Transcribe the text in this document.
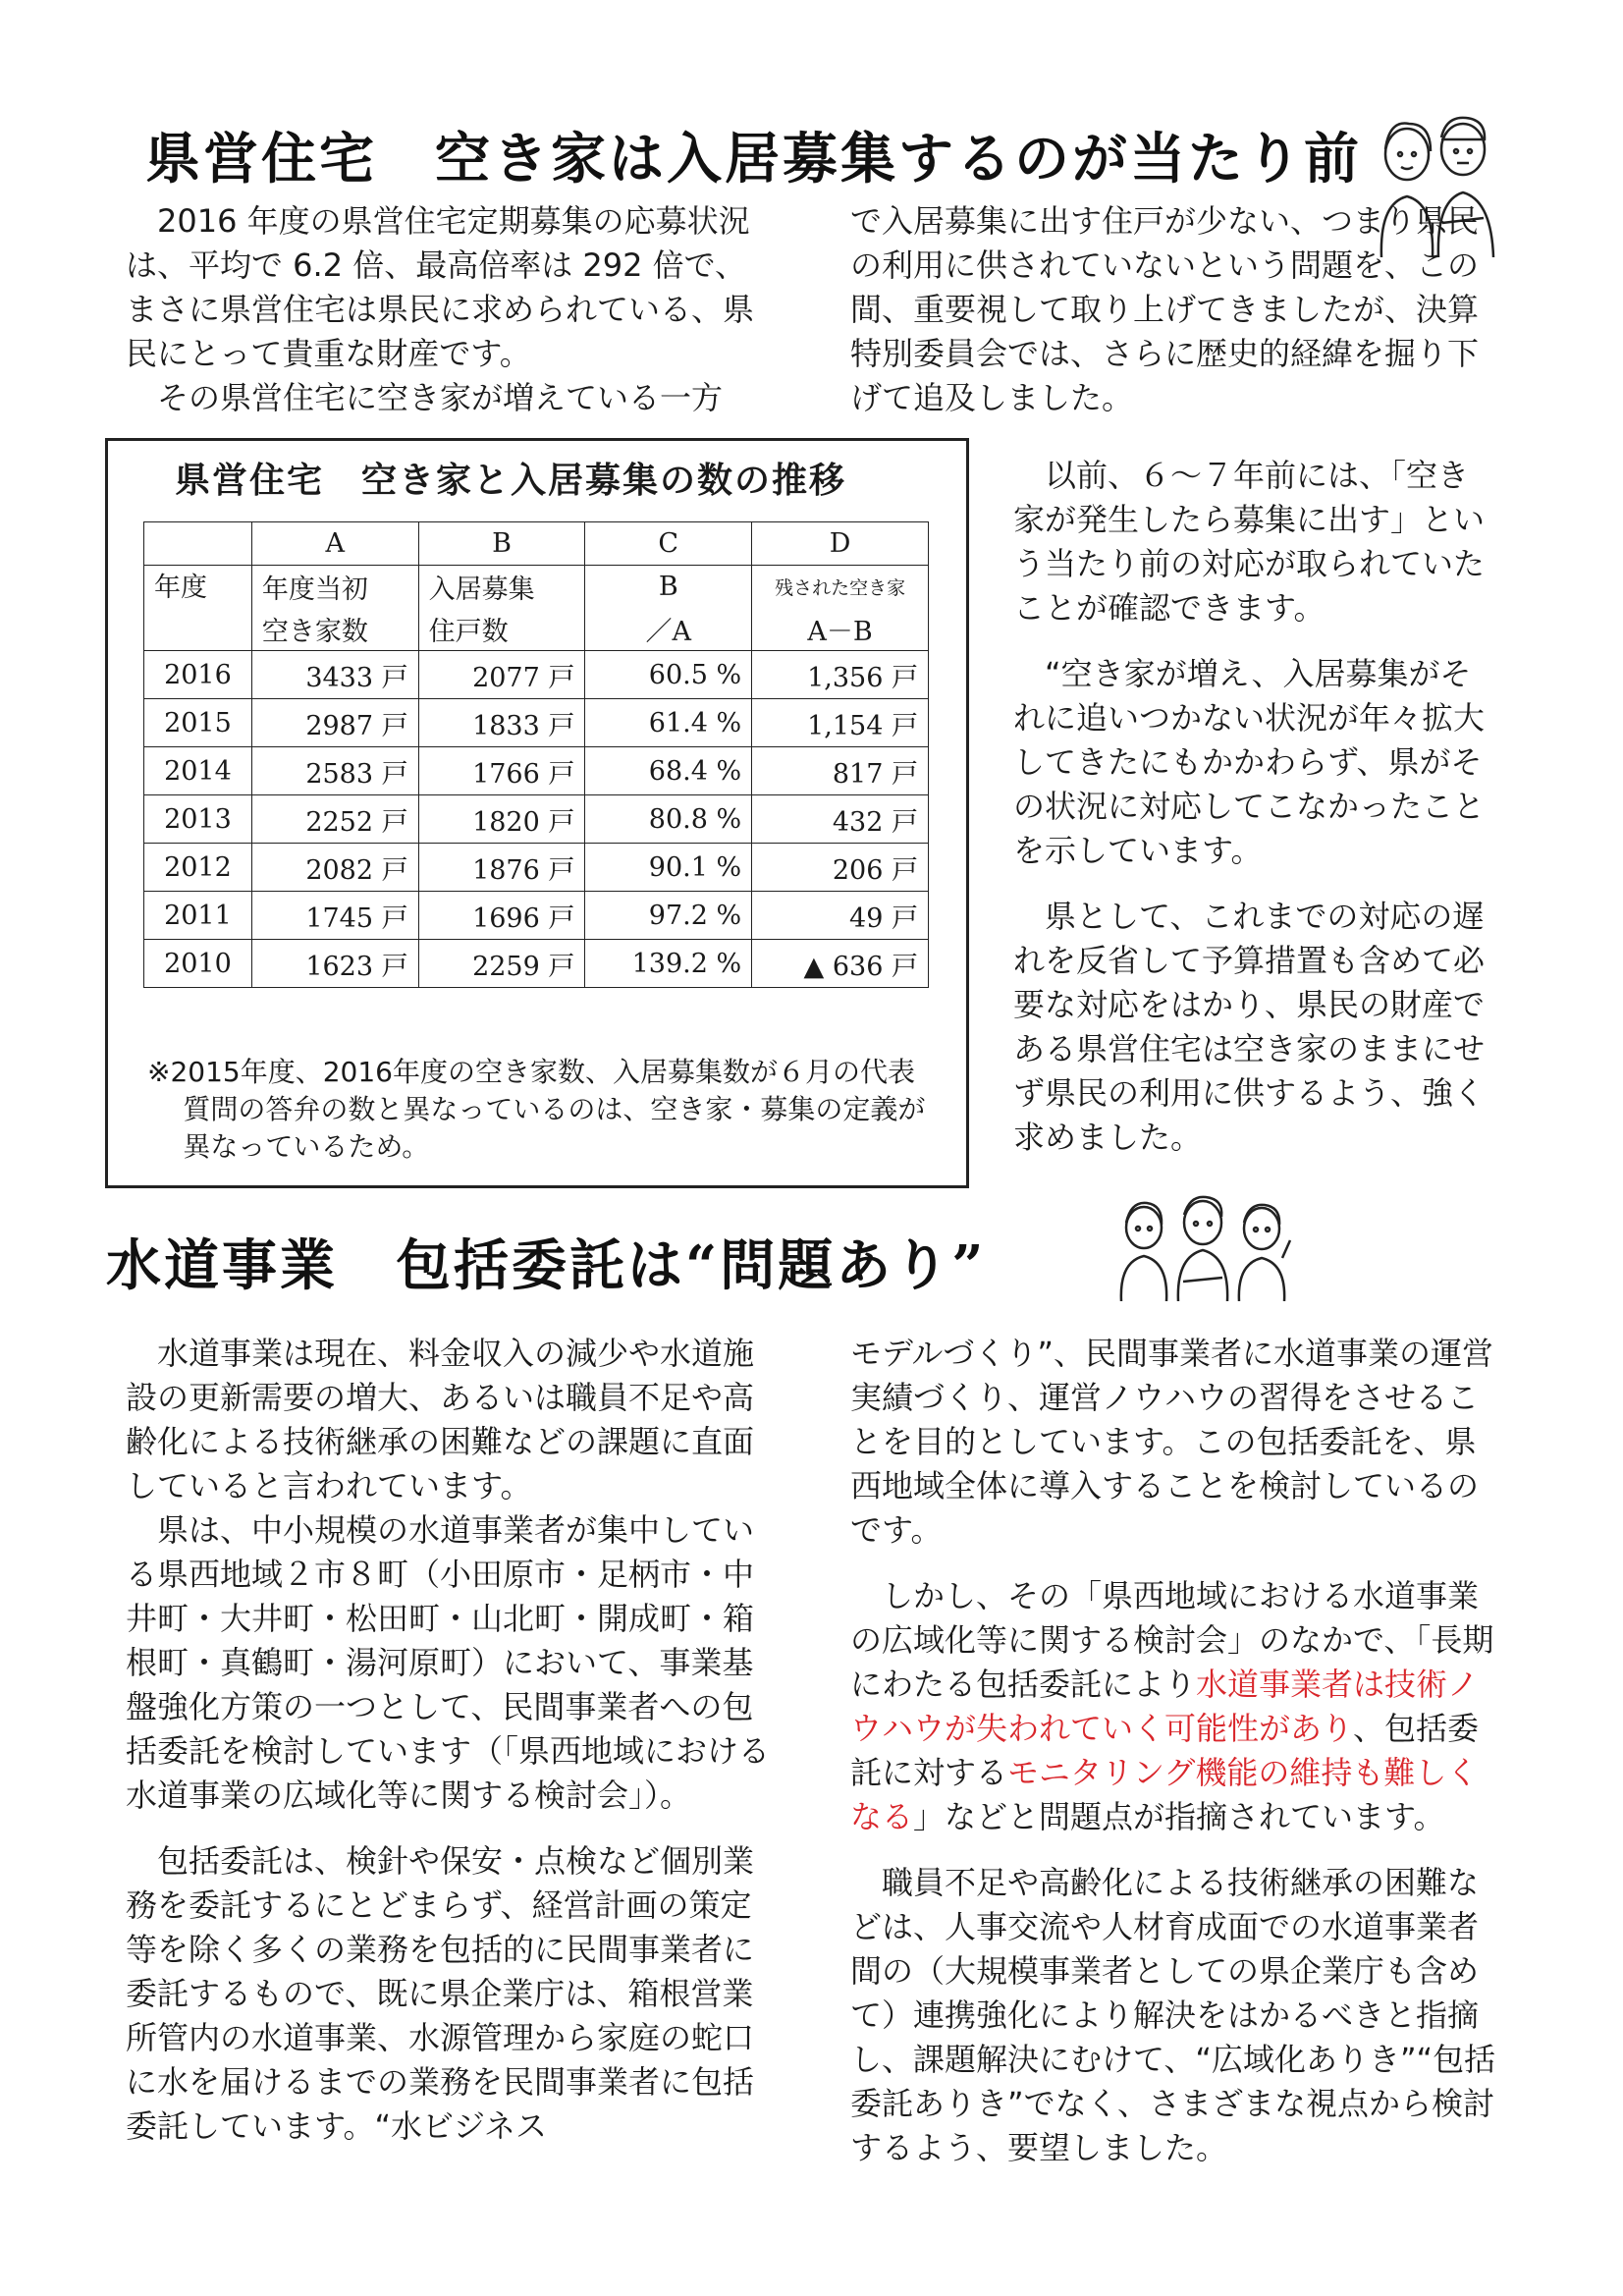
県営住宅　空き家は入居募集するのが当たり前

2016 年度の県営住宅定期募集の応募状況は、平均で 6.2 倍、最高倍率は 292 倍で、まさに県営住宅は県民に求められている、県民にとって貴重な財産です。

その県営住宅に空き家が増えている一方

で入居募集に出す住戸が少ない、つまり県民の利用に供されていないという問題を、この間、重要視して取り上げてきましたが、決算特別委員会では、さらに歴史的経緯を掘り下げて追及しました。

以前、６～７年前には、「空き家が発生したら募集に出す」という当たり前の対応が取られていたことが確認できます。

“空き家が増え、入居募集がそれに追いつかない状況が年々拡大してきたにもかかわらず、県がその状況に対応してこなかったことを示しています。

県として、これまでの対応の遅れを反省して予算措置も含めて必要な対応をはかり、県民の財産である県営住宅は空き家のままにせず県民の利用に供するよう、強く求めました。

県営住宅　空き家と入居募集の数の推移
	A	B	C	D
年度	年度当初	入居募集	B	残された空き家
	空き家数	住戸数	／A	A－B
2016	3433 戸	2077 戸	60.5 %	1,356 戸
2015	2987 戸	1833 戸	61.4 %	1,154 戸
2014	2583 戸	1766 戸	68.4 %	817 戸
2013	2252 戸	1820 戸	80.8 %	432 戸
2012	2082 戸	1876 戸	90.1 %	206 戸
2011	1745 戸	1696 戸	97.2 %	49 戸
2010	1623 戸	2259 戸	139.2 %	▲ 636 戸

※2015年度、2016年度の空き家数、入居募集数が６月の代表質問の答弁の数と異なっているのは、空き家・募集の定義が異なっているため。

水道事業　包括委託は“問題あり”

水道事業は現在、料金収入の減少や水道施設の更新需要の増大、あるいは職員不足や高齢化による技術継承の困難などの課題に直面していると言われています。

県は、中小規模の水道事業者が集中している県西地域２市８町（小田原市・足柄市・中井町・大井町・松田町・山北町・開成町・箱根町・真鶴町・湯河原町）において、事業基盤強化方策の一つとして、民間事業者への包括委託を検討しています（「県西地域における水道事業の広域化等に関する検討会」）。

包括委託は、検針や保安・点検など個別業務を委託するにとどまらず、経営計画の策定等を除く多くの業務を包括的に民間事業者に委託するもので、既に県企業庁は、箱根営業所管内の水道事業、水源管理から家庭の蛇口に水を届けるまでの業務を民間事業者に包括委託しています。“水ビジネス

モデルづくり”、民間事業者に水道事業の運営実績づくり、運営ノウハウの習得をさせることを目的としています。この包括委託を、県西地域全体に導入することを検討しているのです。

しかし、その「県西地域における水道事業の広域化等に関する検討会」のなかで、「長期にわたる包括委託により水道事業者は技術ノウハウが失われていく可能性があり、包括委託に対するモニタリング機能の維持も難しくなる」などと問題点が指摘されています。

職員不足や高齢化による技術継承の困難などは、人事交流や人材育成面での水道事業者間の（大規模事業者としての県企業庁も含めて）連携強化により解決をはかるべきと指摘し、課題解決にむけて、“広域化ありき”“包括委託ありき”でなく、さまざまな視点から検討するよう、要望しました。
